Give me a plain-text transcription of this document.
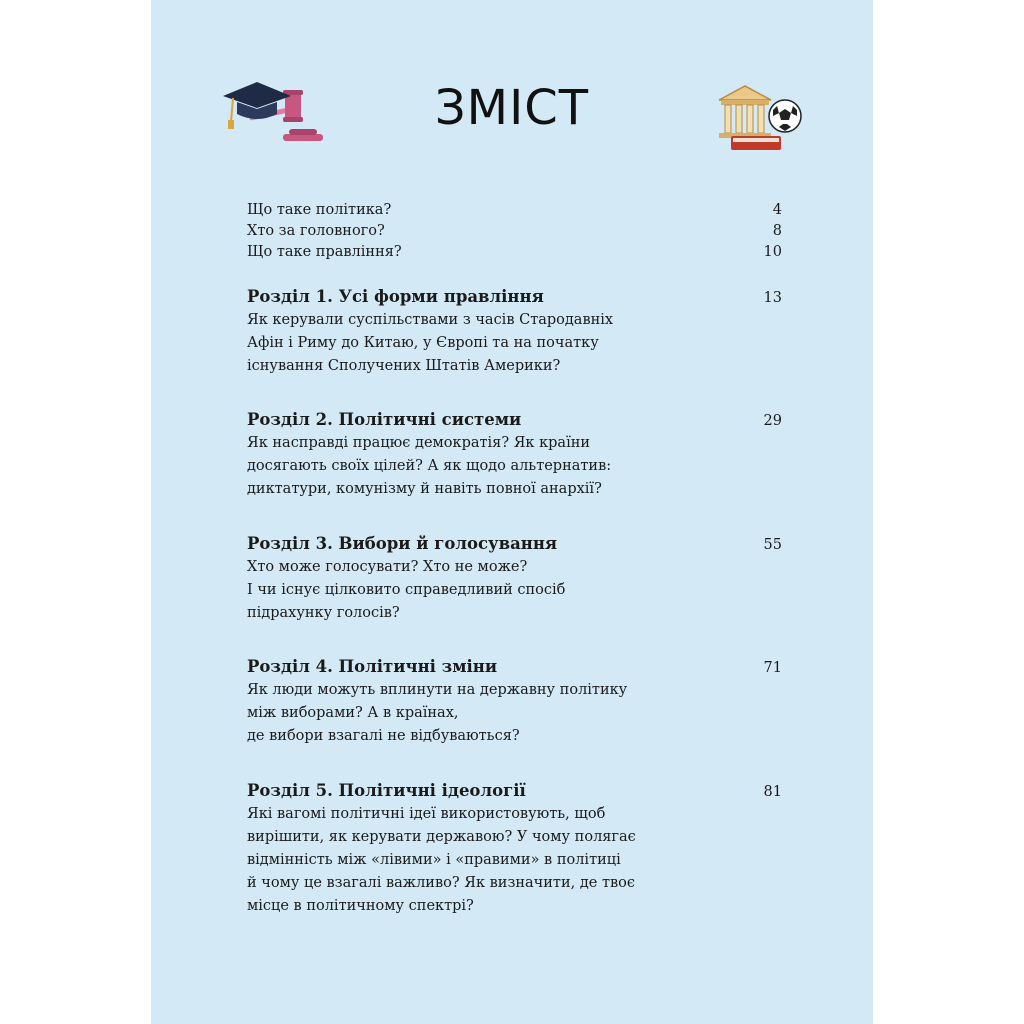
ЗМІСТ
Що таке політика?	4
Хто за головного?	8
Що таке правління?	10
Розділ 1. Усі форми правління	13
Як керували суспільствами з часів Стародавніх
Афін і Риму до Китаю, у Європі та на початку
існування Сполучених Штатів Америки?
Розділ 2. Політичні системи	29
Як насправді працює демократія? Як країни
досягають своїх цілей? А як щодо альтернатив:
диктатури, комунізму й навіть повної анархії?
Розділ 3. Вибори й голосування	55
Хто може голосувати? Хто не може?
І чи існує цілковито справедливий спосіб
підрахунку голосів?
Розділ 4. Політичні зміни	71
Як люди можуть вплинути на державну політику
між виборами? А в країнах,
де вибори взагалі не відбуваються?
Розділ 5. Політичні ідеології	81
Які вагомі політичні ідеї використовують, щоб
вирішити, як керувати державою? У чому полягає
відмінність між «лівими» і «правими» в політиці
й чому це взагалі важливо? Як визначити, де твоє
місце в політичному спектрі?
